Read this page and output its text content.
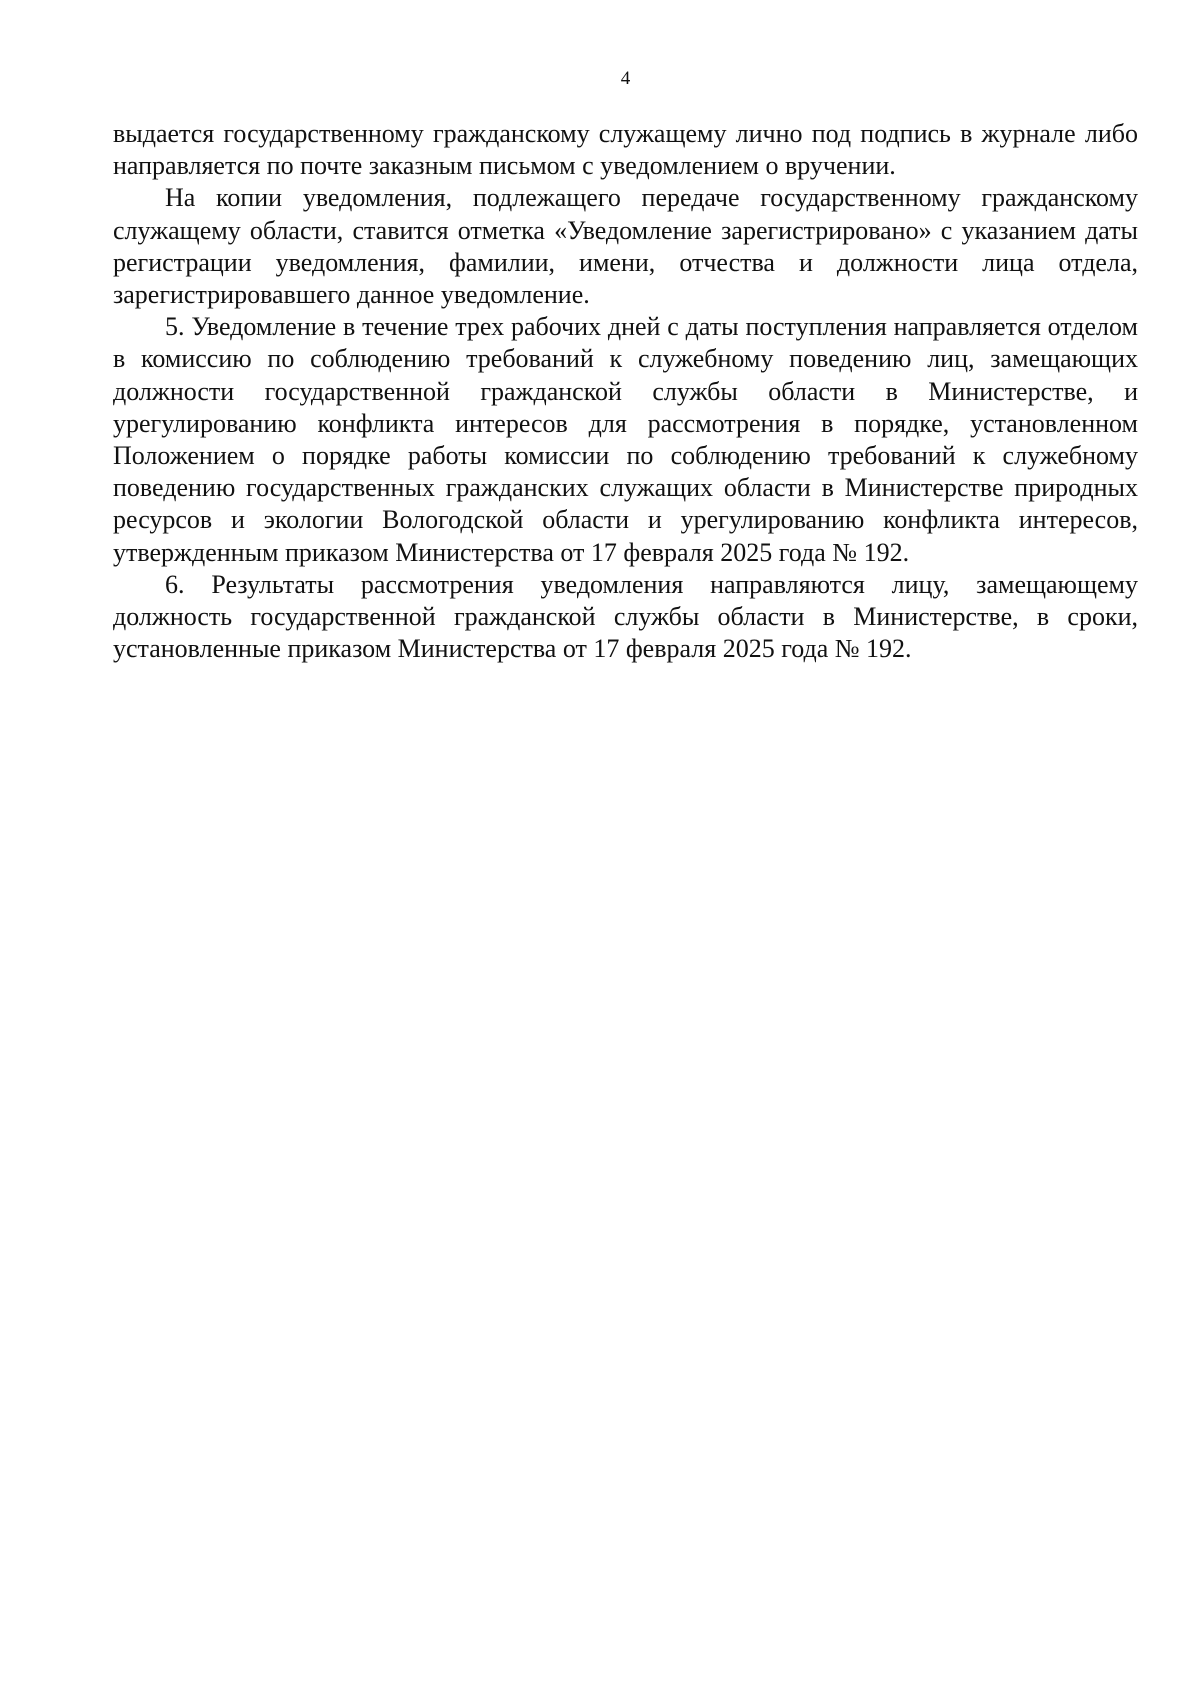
4

выдается государственному гражданскому служащему лично под подпись в журнале либо направляется по почте заказным письмом с уведомлением о вручении.

На копии уведомления, подлежащего передаче государственному гражданскому служащему области, ставится отметка «Уведомление зарегистрировано» с указанием даты регистрации уведомления, фамилии, имени, отчества и должности лица отдела, зарегистрировавшего данное уведомление.

5. Уведомление в течение трех рабочих дней с даты поступления направляется отделом в комиссию по соблюдению требований к служебному поведению лиц, замещающих должности государственной гражданской службы области в Министерстве, и урегулированию конфликта интересов для рассмотрения в порядке, установленном Положением о порядке работы комиссии по соблюдению требований к служебному поведению государственных гражданских служащих области в Министерстве природных ресурсов и экологии Вологодской области и урегулированию конфликта интересов, утвержденным приказом Министерства от 17 февраля 2025 года № 192.

6. Результаты рассмотрения уведомления направляются лицу, замещающему должность государственной гражданской службы области в Министерстве, в сроки, установленные приказом Министерства от 17 февраля 2025 года № 192.
